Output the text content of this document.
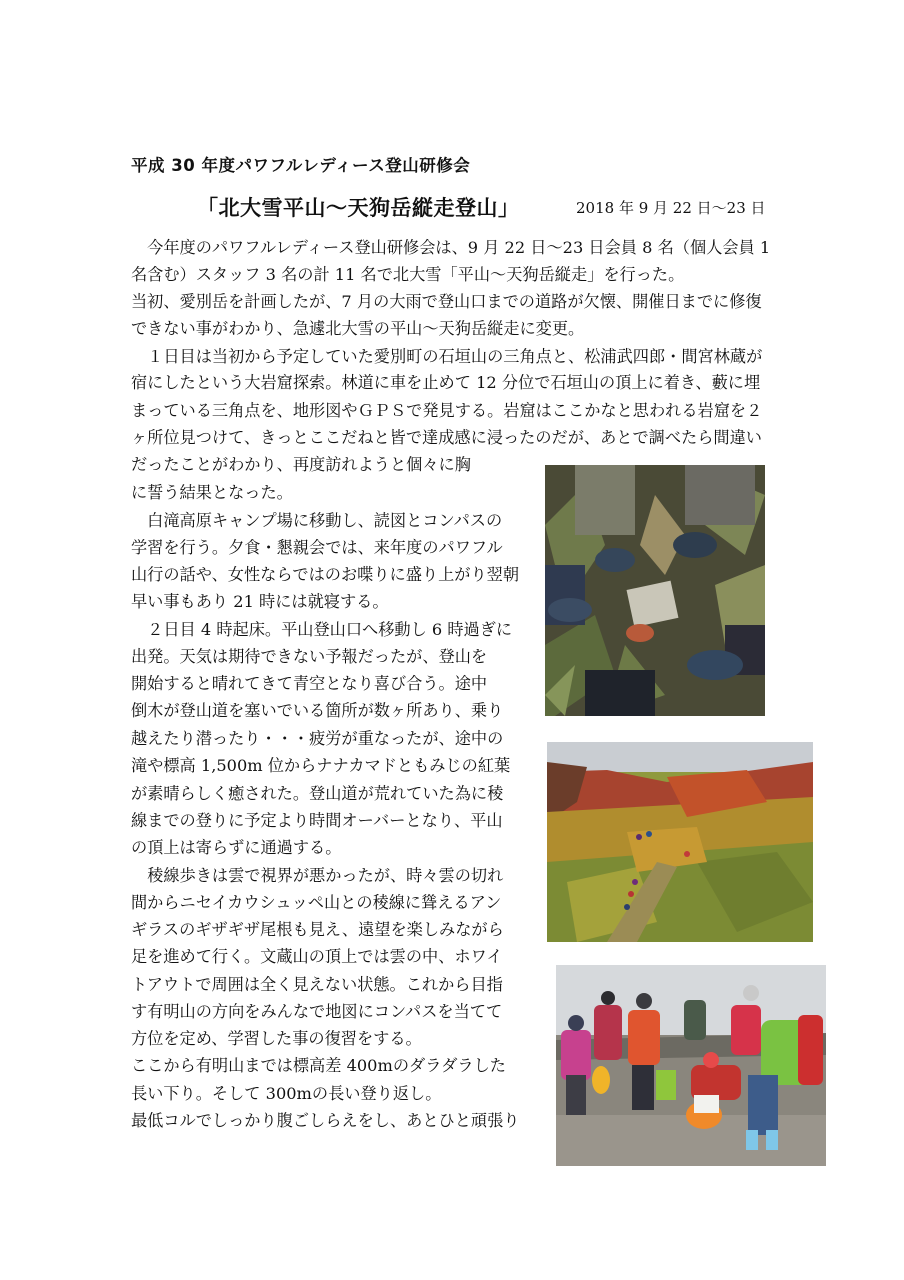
平成 30 年度パワフルレディース登山研修会
「北大雪平山〜天狗岳縦走登山」	2018 年 9 月 22 日〜23 日
　今年度のパワフルレディース登山研修会は、9 月 22 日〜23 日会員 8 名（個人会員 1
名含む）スタッフ 3 名の計 11 名で北大雪「平山〜天狗岳縦走」を行った。
当初、愛別岳を計画したが、7 月の大雨で登山口までの道路が欠懐、開催日までに修復
できない事がわかり、急遽北大雪の平山〜天狗岳縦走に変更。
　１日目は当初から予定していた愛別町の石垣山の三角点と、松浦武四郎・間宮林蔵が
宿にしたという大岩窟探索。林道に車を止めて 12 分位で石垣山の頂上に着き、藪に埋
まっている三角点を、地形図やＧＰＳで発見する。岩窟はここかなと思われる岩窟を２
ヶ所位見つけて、きっとここだねと皆で達成感に浸ったのだが、あとで調べたら間違い
だったことがわかり、再度訪れようと個々に胸
に誓う結果となった。
　白滝高原キャンプ場に移動し、読図とコンパスの
学習を行う。夕食・懇親会では、来年度のパワフル
山行の話や、女性ならではのお喋りに盛り上がり翌朝
早い事もあり 21 時には就寝する。
　２日目 4 時起床。平山登山口へ移動し 6 時過ぎに
出発。天気は期待できない予報だったが、登山を
開始すると晴れてきて青空となり喜び合う。途中
倒木が登山道を塞いでいる箇所が数ヶ所あり、乗り
越えたり潜ったり・・・疲労が重なったが、途中の
滝や標高 1,500m 位からナナカマドともみじの紅葉
が素晴らしく癒された。登山道が荒れていた為に稜
線までの登りに予定より時間オーバーとなり、平山
の頂上は寄らずに通過する。
　稜線歩きは雲で視界が悪かったが、時々雲の切れ
間からニセイカウシュッペ山との稜線に聳えるアン
ギラスのギザギザ尾根も見え、遠望を楽しみながら
足を進めて行く。文蔵山の頂上では雲の中、ホワイ
トアウトで周囲は全く見えない状態。これから目指
す有明山の方向をみんなで地図にコンパスを当てて
方位を定め、学習した事の復習をする。
ここから有明山までは標高差 400mのダラダラした
長い下り。そして 300mの長い登り返し。
最低コルでしっかり腹ごしらえをし、あとひと頑張り
